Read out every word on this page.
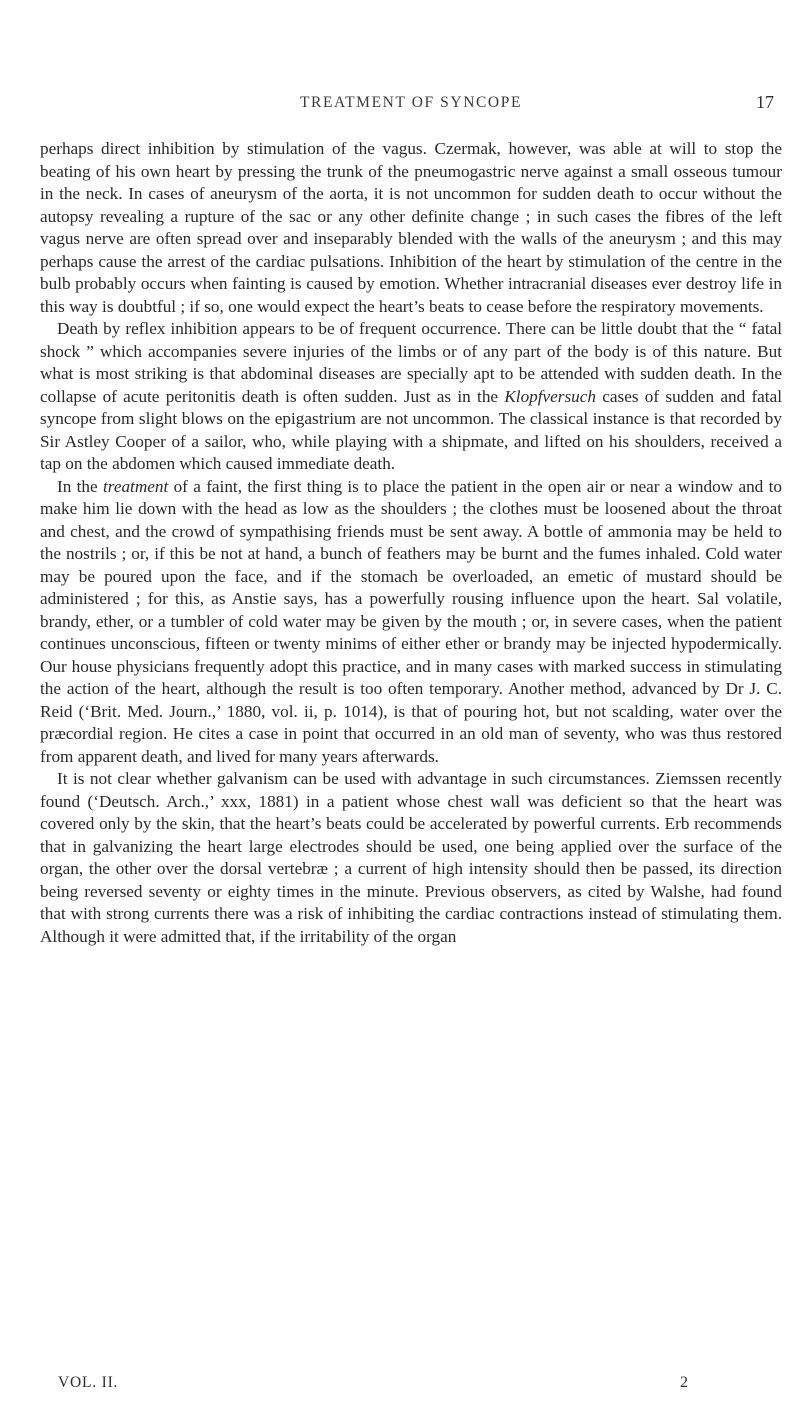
TREATMENT OF SYNCOPE	17

perhaps direct inhibition by stimulation of the vagus. Czermak, however, was able at will to stop the beating of his own heart by pressing the trunk of the pneumogastric nerve against a small osseous tumour in the neck. In cases of aneurysm of the aorta, it is not uncommon for sudden death to occur without the autopsy revealing a rupture of the sac or any other definite change ; in such cases the fibres of the left vagus nerve are often spread over and inseparably blended with the walls of the aneurysm ; and this may perhaps cause the arrest of the cardiac pulsations. Inhibition of the heart by stimulation of the centre in the bulb probably occurs when fainting is caused by emotion. Whether intracranial diseases ever destroy life in this way is doubtful ; if so, one would expect the heart’s beats to cease before the respiratory movements.

Death by reflex inhibition appears to be of frequent occurrence. There can be little doubt that the “ fatal shock ” which accompanies severe injuries of the limbs or of any part of the body is of this nature. But what is most striking is that abdominal diseases are specially apt to be attended with sudden death. In the collapse of acute peritonitis death is often sudden. Just as in the Klopfversuch cases of sudden and fatal syncope from slight blows on the epigastrium are not uncommon. The classical instance is that recorded by Sir Astley Cooper of a sailor, who, while playing with a shipmate, and lifted on his shoulders, received a tap on the abdomen which caused immediate death.

In the treatment of a faint, the first thing is to place the patient in the open air or near a window and to make him lie down with the head as low as the shoulders ; the clothes must be loosened about the throat and chest, and the crowd of sympathising friends must be sent away. A bottle of ammonia may be held to the nostrils ; or, if this be not at hand, a bunch of feathers may be burnt and the fumes inhaled. Cold water may be poured upon the face, and if the stomach be overloaded, an emetic of mustard should be administered ; for this, as Anstie says, has a powerfully rousing influence upon the heart. Sal volatile, brandy, ether, or a tumbler of cold water may be given by the mouth ; or, in severe cases, when the patient continues unconscious, fifteen or twenty minims of either ether or brandy may be injected hypodermically. Our house physicians frequently adopt this practice, and in many cases with marked success in stimulating the action of the heart, although the result is too often temporary. Another method, advanced by Dr J. C. Reid (‘Brit. Med. Journ.,’ 1880, vol. ii, p. 1014), is that of pouring hot, but not scalding, water over the præcordial region. He cites a case in point that occurred in an old man of seventy, who was thus restored from apparent death, and lived for many years afterwards.

It is not clear whether galvanism can be used with advantage in such circumstances. Ziemssen recently found (‘Deutsch. Arch.,’ xxx, 1881) in a patient whose chest wall was deficient so that the heart was covered only by the skin, that the heart’s beats could be accelerated by powerful currents. Erb recommends that in galvanizing the heart large electrodes should be used, one being applied over the surface of the organ, the other over the dorsal vertebræ ; a current of high intensity should then be passed, its direction being reversed seventy or eighty times in the minute. Previous observers, as cited by Walshe, had found that with strong currents there was a risk of inhibiting the cardiac contractions instead of stimulating them. Although it were admitted that, if the irritability of the organ

VOL. II.	2
